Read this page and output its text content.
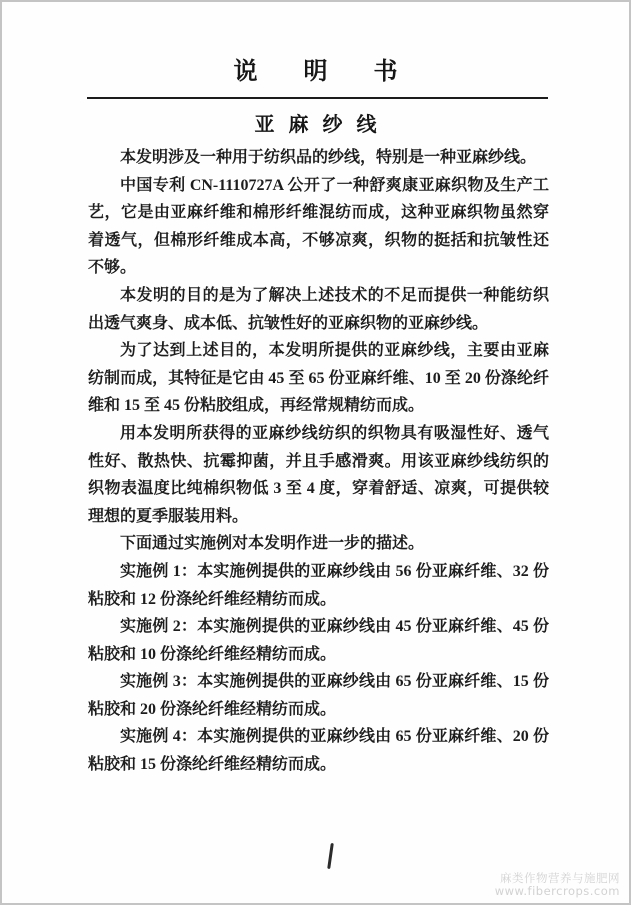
说明书
亚麻纱线

本发明涉及一种用于纺织品的纱线，特别是一种亚麻纱线。

中国专利 CN-1110727A 公开了一种舒爽康亚麻织物及生产工艺，它是由亚麻纤维和棉形纤维混纺而成，这种亚麻织物虽然穿着透气，但棉形纤维成本高，不够凉爽，织物的挺括和抗皱性还不够。

本发明的目的是为了解决上述技术的不足而提供一种能纺织出透气爽身、成本低、抗皱性好的亚麻织物的亚麻纱线。

为了达到上述目的，本发明所提供的亚麻纱线，主要由亚麻纺制而成，其特征是它由 45 至 65 份亚麻纤维、10 至 20 份涤纶纤维和 15 至 45 份粘胶组成，再经常规精纺而成。

用本发明所获得的亚麻纱线纺织的织物具有吸湿性好、透气性好、散热快、抗霉抑菌，并且手感滑爽。用该亚麻纱线纺织的织物表温度比纯棉织物低 3 至 4 度，穿着舒适、凉爽，可提供较理想的夏季服装用料。

下面通过实施例对本发明作进一步的描述。

实施例 1：本实施例提供的亚麻纱线由 56 份亚麻纤维、32 份粘胶和 12 份涤纶纤维经精纺而成。

实施例 2：本实施例提供的亚麻纱线由 45 份亚麻纤维、45 份粘胶和 10 份涤纶纤维经精纺而成。

实施例 3：本实施例提供的亚麻纱线由 65 份亚麻纤维、15 份粘胶和 20 份涤纶纤维经精纺而成。

实施例 4：本实施例提供的亚麻纱线由 65 份亚麻纤维、20 份粘胶和 15 份涤纶纤维经精纺而成。

麻类作物营养与施肥网
www.fibercrops.com
